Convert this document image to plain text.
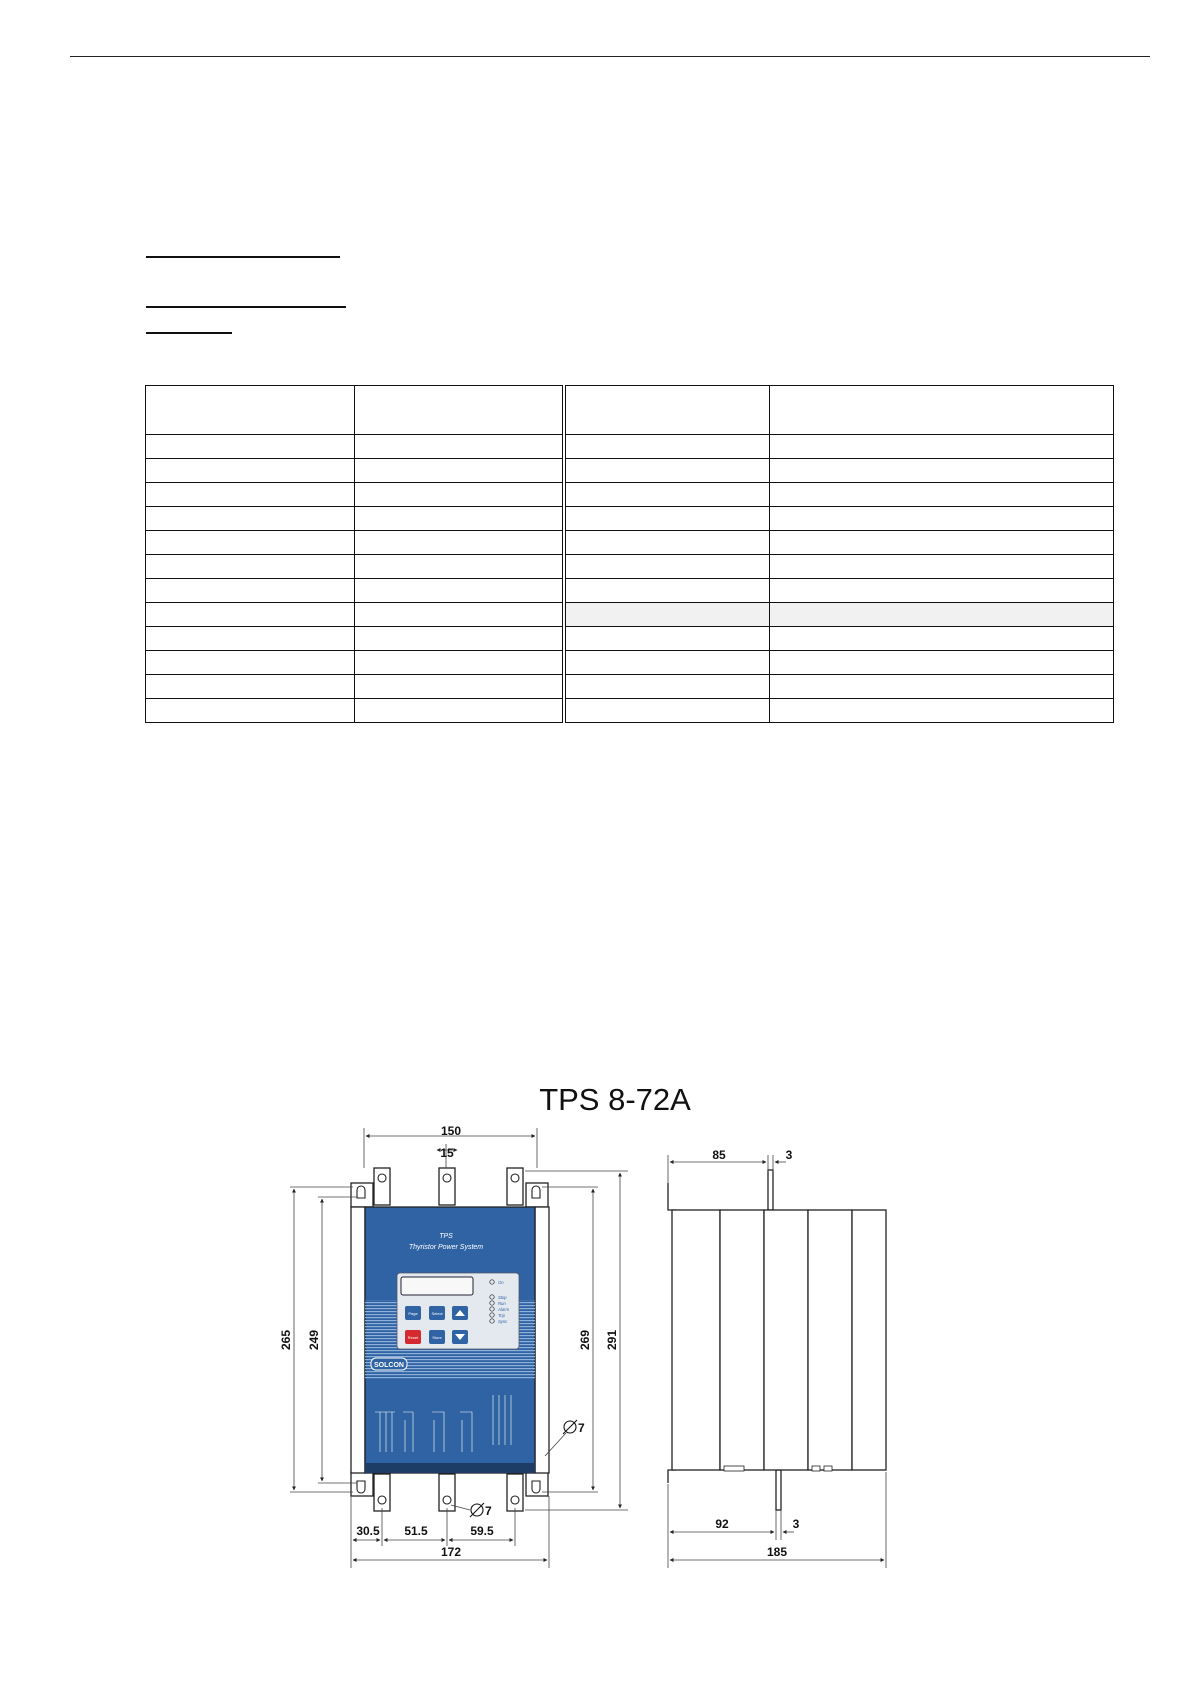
TPS 8-72A
TPS
Thyristor Power System
Page	Select
Reset	Store
On
Stop
Run
Alarm
Trip
Sync
SOLCON
150
15
265 249	269 291
30.5 51.5	59.5
172
7
7
85	3
92	3
185
